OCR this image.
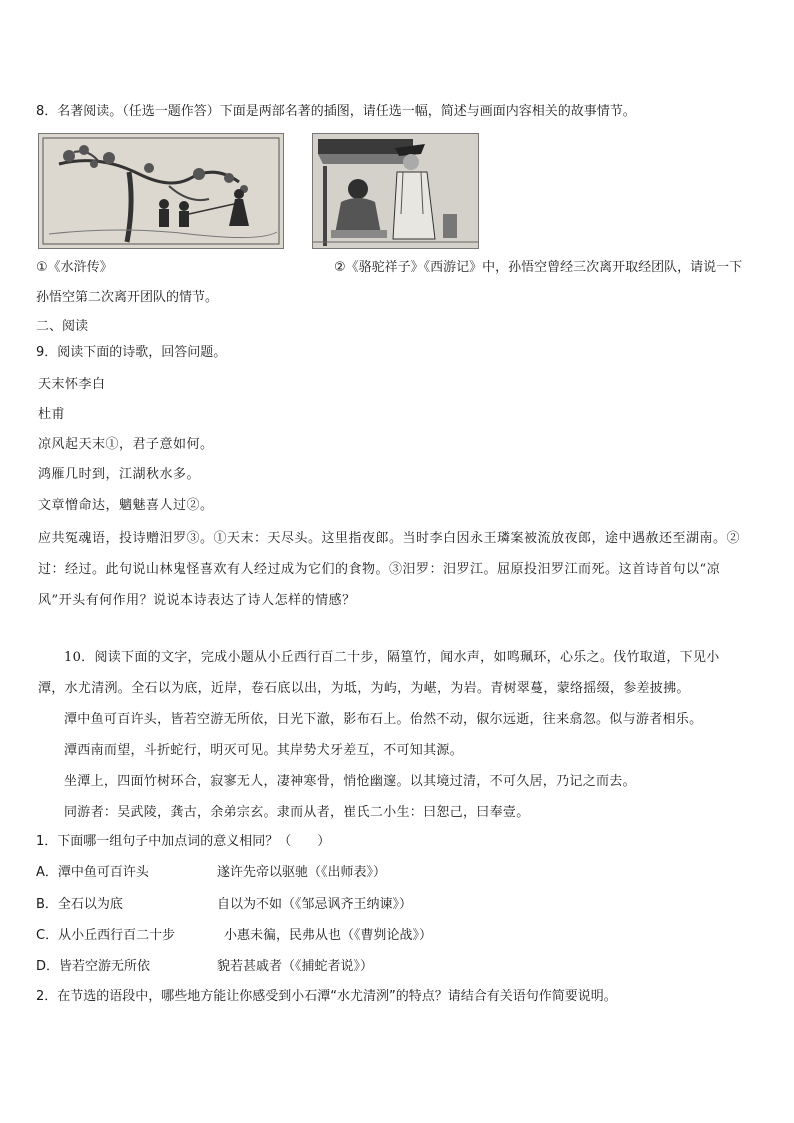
8．名著阅读。（任选一题作答）下面是两部名著的插图，请任选一幅，简述与画面内容相关的故事情节。
①《水浒传》	②《骆驼祥子》《西游记》中，孙悟空曾经三次离开取经团队，请说一下
孙悟空第二次离开团队的情节。
二、阅读
9．阅读下面的诗歌，回答问题。
天末怀李白
杜甫
凉风起天末①，君子意如何。
鸿雁几时到，江湖秋水多。
文章憎命达，魑魅喜人过②。
应共冤魂语，投诗赠汨罗③。①天末：天尽头。这里指夜郎。当时李白因永王璘案被流放夜郎，途中遇赦还至湖南。②
过：经过。此句说山林鬼怪喜欢有人经过成为它们的食物。③汨罗：汨罗江。屈原投汨罗江而死。这首诗首句以“凉
风”开头有何作用？说说本诗表达了诗人怎样的情感？
10．阅读下面的文字，完成小题从小丘西行百二十步，隔篁竹，闻水声，如鸣珮环，心乐之。伐竹取道，下见小
潭，水尤清洌。全石以为底，近岸，卷石底以出，为坻，为屿，为嵁，为岩。青树翠蔓，蒙络摇缀，参差披拂。
潭中鱼可百许头，皆若空游无所依，日光下澈，影布石上。佁然不动，俶尔远逝，往来翕忽。似与游者相乐。
潭西南而望，斗折蛇行，明灭可见。其岸势犬牙差互，不可知其源。
坐潭上，四面竹树环合，寂寥无人，凄神寒骨，悄怆幽邃。以其境过清，不可久居，乃记之而去。
同游者：吴武陵，龚古，余弟宗玄。隶而从者，崔氏二小生：曰恕己，曰奉壹。
1．下面哪一组句子中加点词的意义相同？（　　）
A．潭中鱼可百许头	遂许先帝以驱驰（《出师表》）
B．全石以为底	自以为不如（《邹忌讽齐王纳谏》）
C．从小丘西行百二十步	小惠未徧，民弗从也（《曹刿论战》）
D．皆若空游无所依	貌若甚戚者（《捕蛇者说》）
2．在节选的语段中，哪些地方能让你感受到小石潭“水尤清洌”的特点？请结合有关语句作简要说明。
